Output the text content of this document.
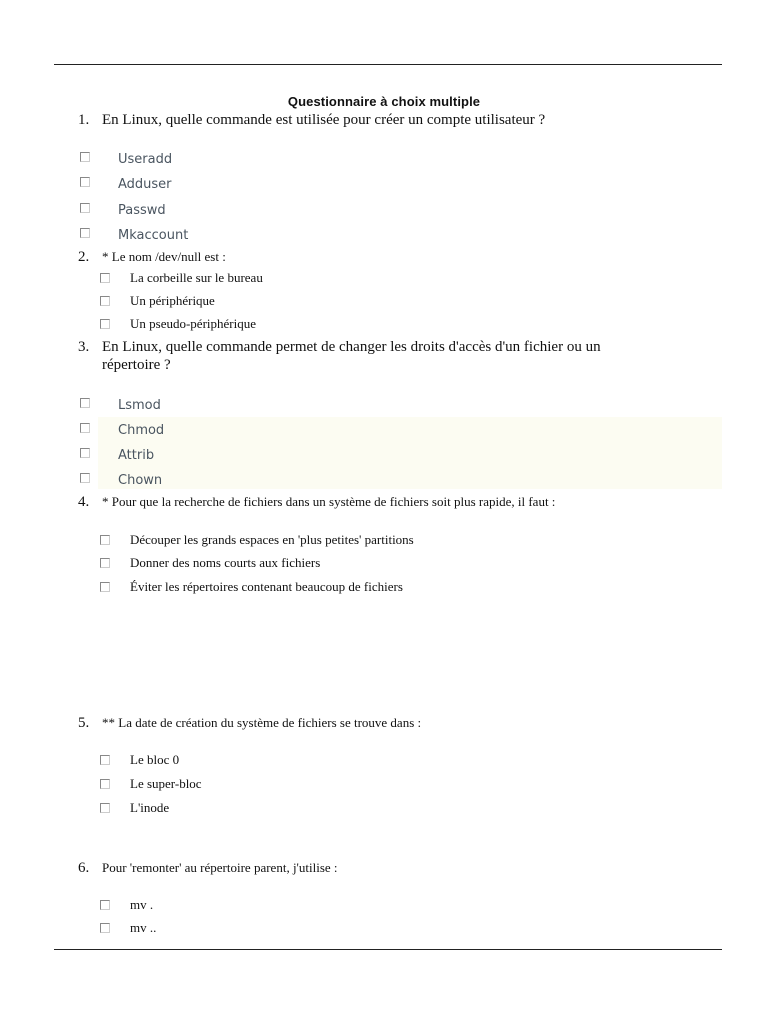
Questionnaire à choix multiple
1. En Linux, quelle commande est utilisée pour créer un compte utilisateur ?
Useradd
Adduser
Passwd
Mkaccount
2. * Le nom /dev/null est :
La corbeille sur le bureau
Un périphérique
Un pseudo-périphérique
3. En Linux, quelle commande permet de changer les droits d'accès d'un fichier ou un
répertoire ?
Lsmod
Chmod
Attrib
Chown
4. * Pour que la recherche de fichiers dans un système de fichiers soit plus rapide, il faut :
Découper les grands espaces en 'plus petites' partitions
Donner des noms courts aux fichiers
Éviter les répertoires contenant beaucoup de fichiers
5. ** La date de création du système de fichiers se trouve dans :
Le bloc 0
Le super-bloc
L'inode
6. Pour 'remonter' au répertoire parent, j'utilise :
mv .
mv ..
